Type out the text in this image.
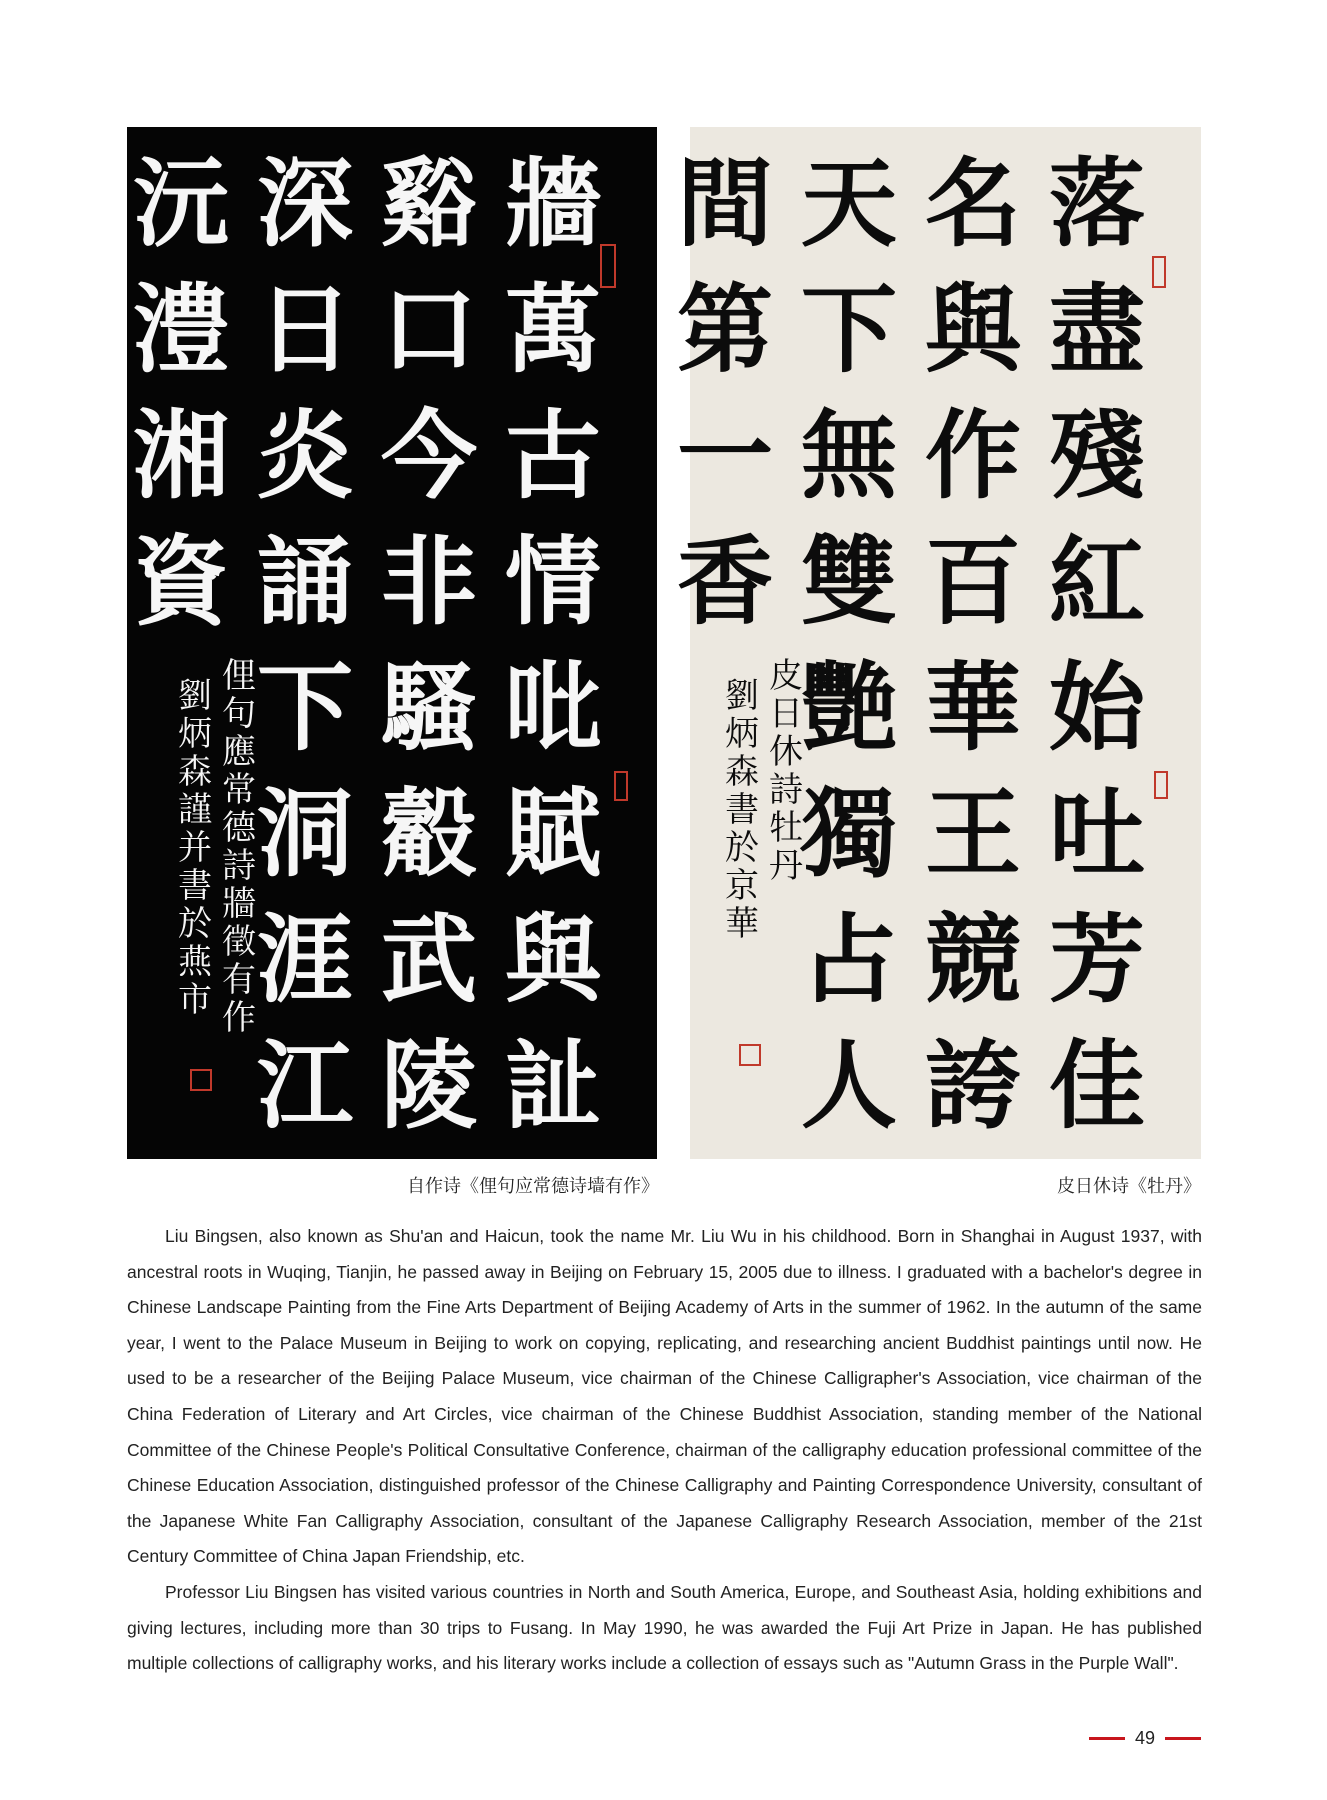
牆
谿
深
沅
萬
口
日
澧
古
今
炎
湘
情
非
誦
資
吡
騷
下
賦
觳
洞
與
武
涯
訨
陵
江
俚
句
應
常
德
詩
牆
徵
有
作
劉
炳
森
謹
并
書
於
燕
市
落
名
天
間
盡
與
下
第
殘
作
無
一
紅
百
雙
香
始
華
艷
吐
王
獨
芳
競
占
佳
誇
人
皮
日
休
詩
牡
丹
劉
炳
森
書
於
京
華
自作诗《俚句应常德诗墙有作》	皮日休诗《牡丹》

Liu Bingsen, also known as Shu'an and Haicun, took the name Mr. Liu Wu in his childhood. Born in Shanghai in August 1937, with ancestral roots in Wuqing, Tianjin, he passed away in Beijing on February 15, 2005 due to illness. I graduated with a bachelor's degree in Chinese Landscape Painting from the Fine Arts Department of Beijing Academy of Arts in the summer of 1962. In the autumn of the same year, I went to the Palace Museum in Beijing to work on copying, replicating, and researching ancient Buddhist paintings until now. He used to be a researcher of the Beijing Palace Museum, vice chairman of the Chinese Calligrapher's Association, vice chairman of the China Federation of Literary and Art Circles, vice chairman of the Chinese Buddhist Association, standing member of the National Committee of the Chinese People's Political Consultative Conference, chairman of the calligraphy education professional committee of the Chinese Education Association, distinguished professor of the Chinese Calligraphy and Painting Correspondence University, consultant of the Japanese White Fan Calligraphy Association, consultant of the Japanese Calligraphy Research Association, member of the 21st Century Committee of China Japan Friendship, etc.

Professor Liu Bingsen has visited various countries in North and South America, Europe, and Southeast Asia, holding exhibitions and giving lectures, including more than 30 trips to Fusang. In May 1990, he was awarded the Fuji Art Prize in Japan. He has published multiple collections of calligraphy works, and his literary works include a collection of essays such as "Autumn Grass in the Purple Wall".

49
